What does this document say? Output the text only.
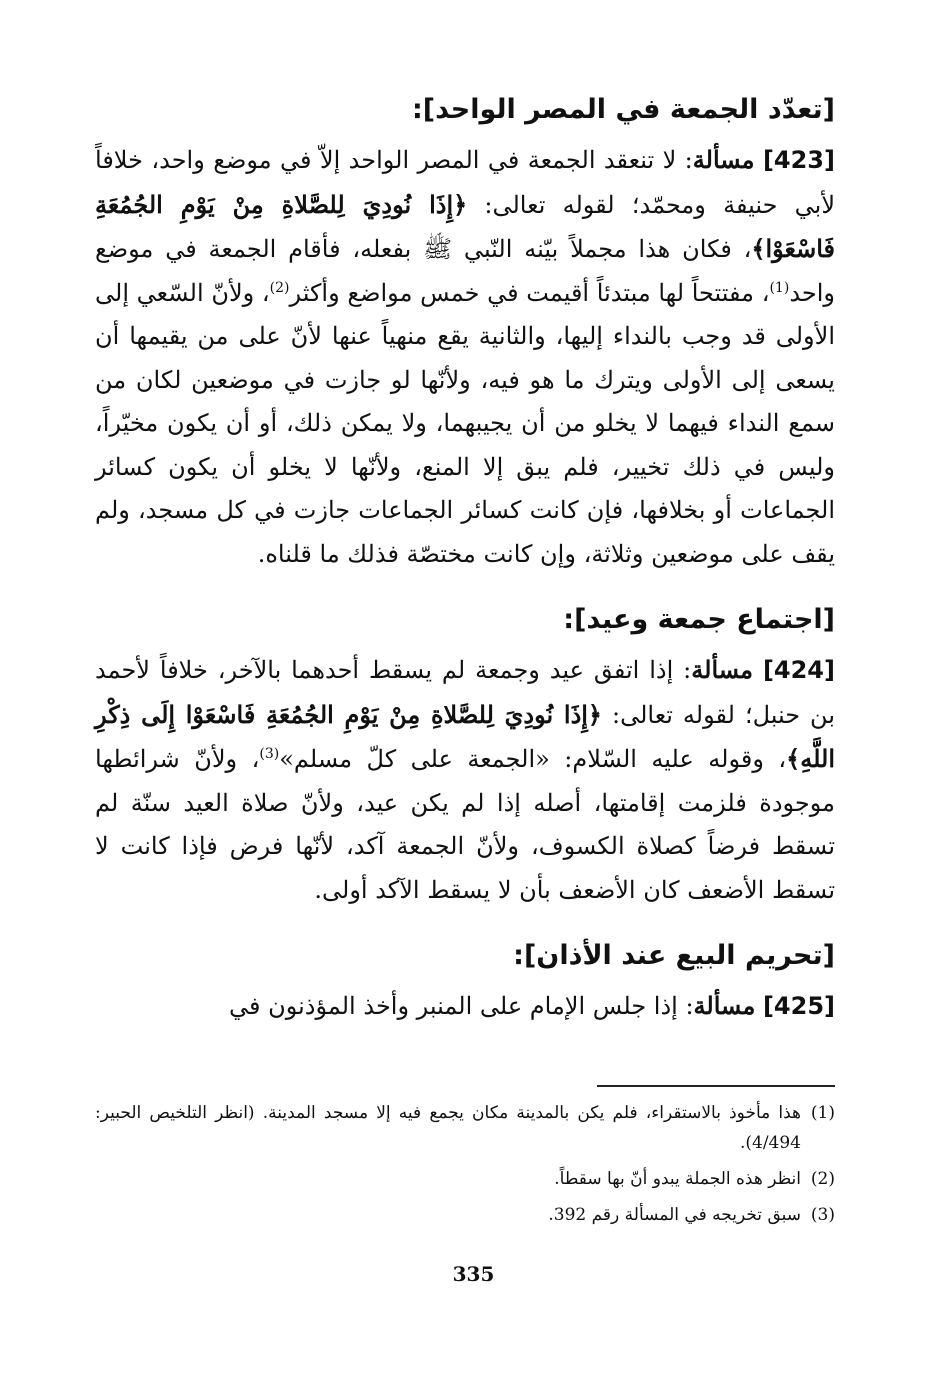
[تعدّد الجمعة في المصر الواحد]:

[423] مسألة: لا تنعقد الجمعة في المصر الواحد إلاّ في موضع واحد، خلافاً لأبي حنيفة ومحمّد؛ لقوله تعالى: ﴿إِذَا نُودِيَ لِلصَّلاةِ مِنْ يَوْمِ الجُمُعَةِ فَاسْعَوْا﴾، فكان هذا مجملاً بيّنه النّبي ﷺ بفعله، فأقام الجمعة في موضع واحد$^{(1)}$، مفتتحاً لها مبتدئاً أقيمت في خمس مواضع وأكثر$^{(2)}$، ولأنّ السّعي إلى الأولى قد وجب بالنداء إليها، والثانية يقع منهياً عنها لأنّ على من يقيمها أن يسعى إلى الأولى ويترك ما هو فيه، ولأنّها لو جازت في موضعين لكان من سمع النداء فيهما لا يخلو من أن يجيبهما، ولا يمكن ذلك، أو أن يكون مخيّراً، وليس في ذلك تخيير، فلم يبق إلا المنع، ولأنّها لا يخلو أن يكون كسائر الجماعات أو بخلافها، فإن كانت كسائر الجماعات جازت في كل مسجد، ولم يقف على موضعين وثلاثة، وإن كانت مختصّة فذلك ما قلناه.

[اجتماع جمعة وعيد]:

[424] مسألة: إذا اتفق عيد وجمعة لم يسقط أحدهما بالآخر، خلافاً لأحمد بن حنبل؛ لقوله تعالى: ﴿إِذَا نُودِيَ لِلصَّلاةِ مِنْ يَوْمِ الجُمُعَةِ فَاسْعَوْا إِلَى ذِكْرِ اللَّهِ﴾، وقوله عليه السّلام: «الجمعة على كلّ مسلم»$^{(3)}$، ولأنّ شرائطها موجودة فلزمت إقامتها، أصله إذا لم يكن عيد، ولأنّ صلاة العيد سنّة لم تسقط فرضاً كصلاة الكسوف، ولأنّ الجمعة آكد، لأنّها فرض فإذا كانت لا تسقط الأضعف كان الأضعف بأن لا يسقط الآكد أولى.

[تحريم البيع عند الأذان]:

[425] مسألة: إذا جلس الإمام على المنبر وأخذ المؤذنون في

(1)
هذا مأخوذ بالاستقراء، فلم يكن بالمدينة مكان يجمع فيه إلا مسجد المدينة. (انظر التلخيص الحبير: 4/494).
(2)
انظر هذه الجملة يبدو أنّ بها سقطاً.
(3)
سبق تخريجه في المسألة رقم 392.
335
